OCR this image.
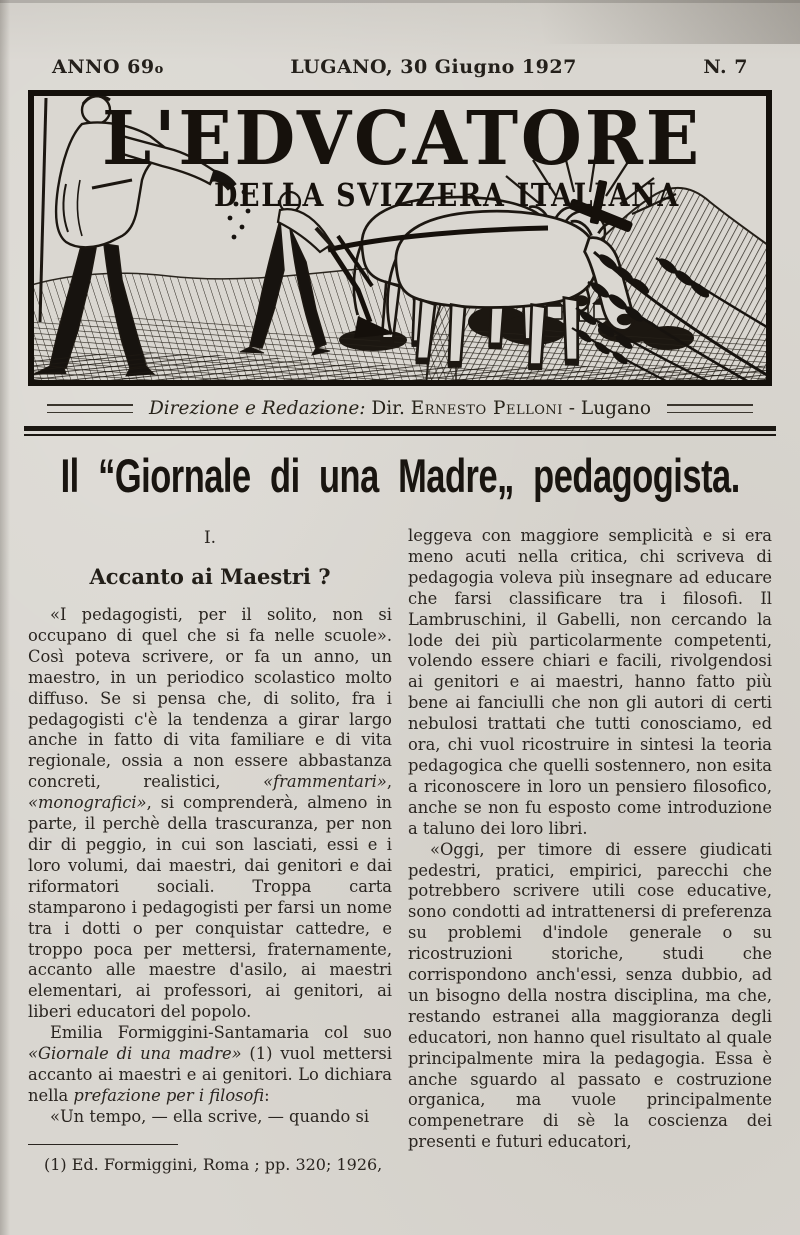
ANNO 69o	LUGANO, 30 Giugno 1927	N. 7
L'EDVCATORE
DELLA SVIZZERA ITALIANA
Direzione e Redazione: Dir. Ernesto Pelloni - Lugano
Il “Giornale di una Madre„ pedagogista.
I.
Accanto ai Maestri ?

«I pedagogisti, per il solito, non si occupano di quel che si fa nelle scuole». Così poteva scrivere, or fa un anno, un maestro, in un periodico scolastico molto diffuso. Se si pensa che, di solito, fra i pedagogisti c'è la tendenza a girar largo anche in fatto di vita familiare e di vita regionale, ossia a non essere abbastanza concreti, realistici, «frammentari», «monografici», si comprenderà, almeno in parte, il perchè della trascuranza, per non dir di peggio, in cui son lasciati, essi e i loro volumi, dai maestri, dai genitori e dai riformatori sociali. Troppa carta stamparono i pedagogisti per farsi un nome tra i dotti o per conquistar cattedre, e troppo poca per mettersi, fraternamente, accanto alle maestre d'asilo, ai maestri elementari, ai professori, ai genitori, ai liberi educatori del popolo.

Emilia Formiggini-Santamaria col suo «Giornale di una madre» (1) vuol mettersi accanto ai maestri e ai genitori. Lo dichiara nella prefazione per i filosofi:

«Un tempo, — ella scrive, — quando si

(1) Ed. Formiggini, Roma ; pp. 320; 1926,

leggeva con maggiore semplicità e si era meno acuti nella critica, chi scriveva di pedagogia voleva più insegnare ad educare che farsi classificare tra i filosofi. Il Lambruschini, il Gabelli, non cercando la lode dei più particolarmente competenti, volendo essere chiari e facili, rivolgendosi ai genitori e ai maestri, hanno fatto più bene ai fanciulli che non gli autori di certi nebulosi trattati che tutti conosciamo, ed ora, chi vuol ricostruire in sintesi la teoria pedagogica che quelli sostennero, non esita a riconoscere in loro un pensiero filosofico, anche se non fu esposto come introduzione a taluno dei loro libri.

«Oggi, per timore di essere giudicati pedestri, pratici, empirici, parecchi che potrebbero scrivere utili cose educative, sono condotti ad intrattenersi di preferenza su problemi d'indole generale o su ricostruzioni storiche, studi che corrispondono anch'essi, senza dubbio, ad un bisogno della nostra disciplina, ma che, restando estranei alla maggioranza degli educatori, non hanno quel risultato al quale principalmente mira la pedagogia. Essa è anche sguardo al passato e costruzione organica, ma vuole principalmente compenetrare di sè la coscienza dei presenti e futuri educatori,
